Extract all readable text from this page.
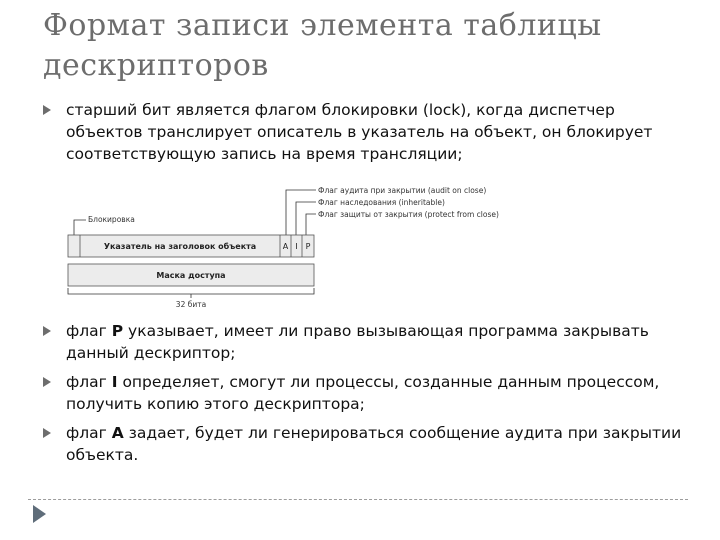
Формат записи элемента таблицы
дескрипторов
старший бит является флагом блокировки (lock), когда диспетчер объектов транслирует описатель в указатель на объект, он блокирует соответствующую запись на время трансляции;
Флаг аудита при закрытии (audit on close)
Флаг наследования (inheritable)
Флаг защиты от закрытия (protect from close)
Блокировка
Указатель на заголовок объекта	A I P
Маска доступа
32 бита
флаг Р указывает, имеет ли право вызывающая программа закрывать данный дескриптор;
флаг I определяет, смогут ли процессы, созданные данным процессом, получить копию этого дескриптора;
флаг А задает, будет ли генерироваться сообщение аудита при закрытии объекта.
